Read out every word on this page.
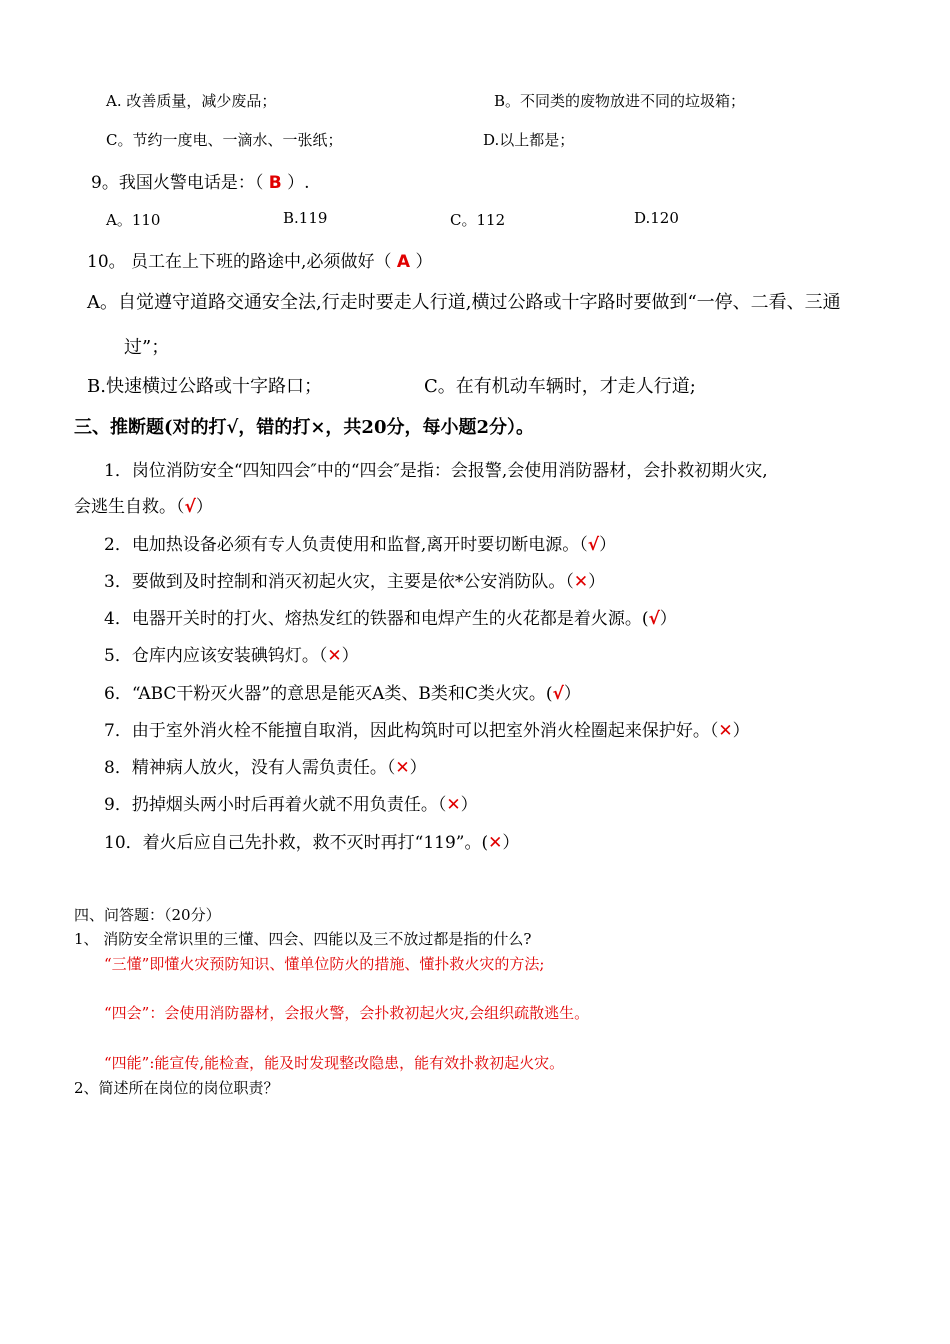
A. 改善质量，减少废品；	B。不同类的废物放进不同的垃圾箱；
C。节约一度电、一滴水、一张纸；	D.以上都是；
9。我国火警电话是：（ B ）.
A。110	B.119	C。112	D.120
10。 员工在上下班的路途中,必须做好（ A ）
A。自觉遵守道路交通安全法,行走时要走人行道,横过公路或十字路时要做到“一停、二看、三通
过”；
B.快速横过公路或十字路口；	C。在有机动车辆时，才走人行道;
三、推断题(对的打√，错的打×，共20分，每小题2分）。
1．岗位消防安全“四知四会″中的“四会″是指：会报警,会使用消防器材，会扑救初期火灾,
会逃生自救。（√）
2．电加热设备必须有专人负责使用和监督,离开时要切断电源。（√）
3．要做到及时控制和消灭初起火灾，主要是依*公安消防队。（✕）
4．电器开关时的打火、熔热发红的铁器和电焊产生的火花都是着火源。(√）
5．仓库内应该安装碘钨灯。（✕）
6．“ABC干粉灭火器”的意思是能灭A类、B类和C类火灾。(√）
7．由于室外消火栓不能擅自取消，因此构筑时可以把室外消火栓圈起来保护好。（✕）
8．精神病人放火，没有人需负责任。（✕）
9．扔掉烟头两小时后再着火就不用负责任。（✕）
10．着火后应自己先扑救，救不灭时再打“119”。(✕）
四、问答题：（20分）
1、 消防安全常识里的三懂、四会、四能以及三不放过都是指的什么?
“三懂”即懂火灾预防知识、懂单位防火的措施、懂扑救火灾的方法;
“四会”：会使用消防器材，会报火警，会扑救初起火灾,会组织疏散逃生。
“四能”:能宣传,能检查，能及时发现整改隐患，能有效扑救初起火灾。
2、简述所在岗位的岗位职责？
